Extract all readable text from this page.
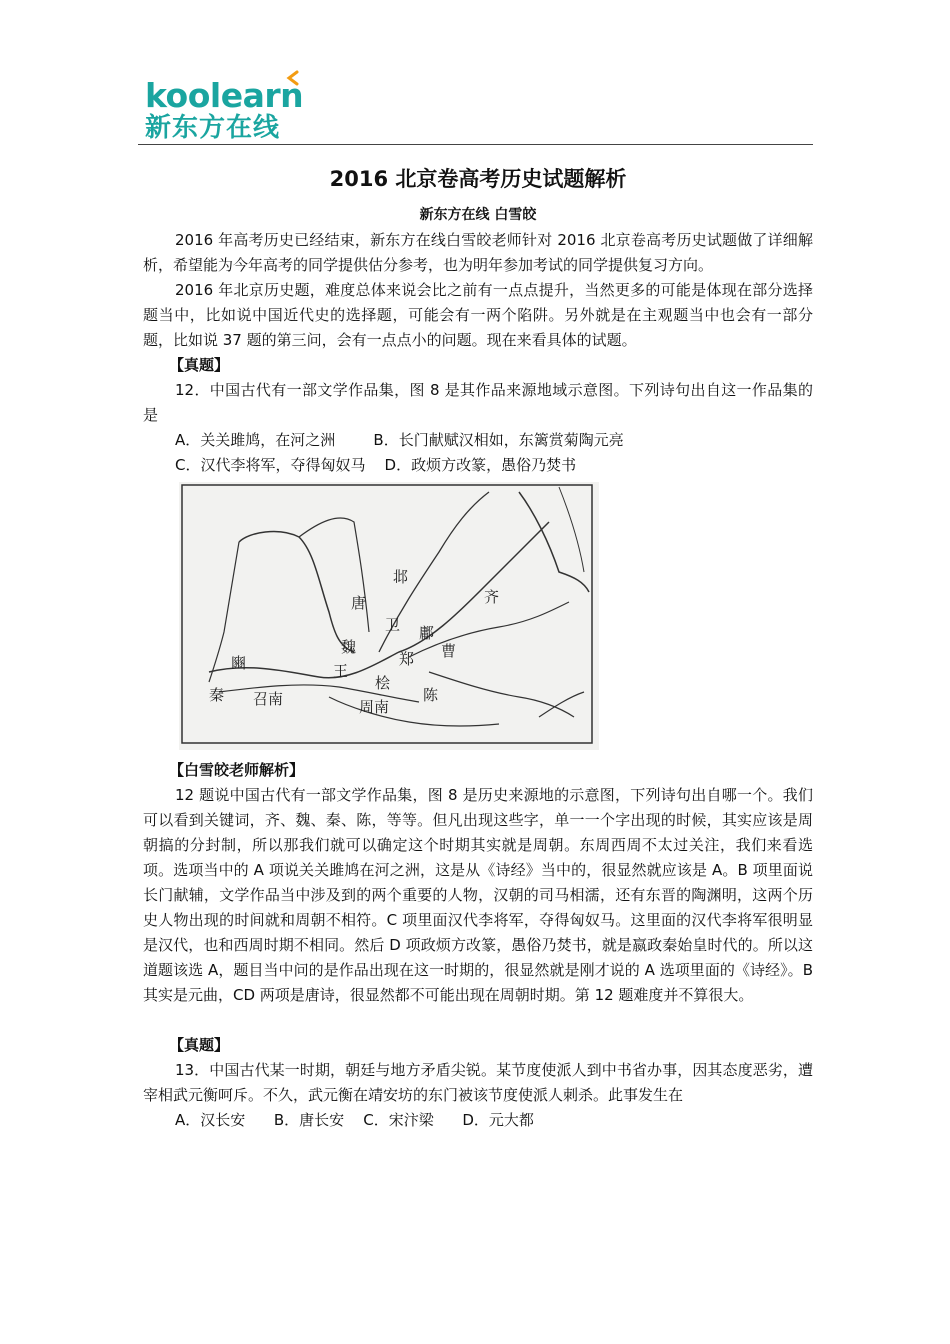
koolearn
新东方在线
2016 北京卷高考历史试题解析
新东方在线 白雪皎

2016 年高考历史已经结束，新东方在线白雪皎老师针对 2016 北京卷高考历史试题做了详细解析，希望能为今年高考的同学提供估分参考，也为明年参加考试的同学提供复习方向。

2016 年北京历史题，难度总体来说会比之前有一点点提升，当然更多的可能是体现在部分选择题当中，比如说中国近代史的选择题，可能会有一两个陷阱。另外就是在主观题当中也会有一部分题，比如说 37 题的第三问，会有一点点小的问题。现在来看具体的试题。

【真题】

12．中国古代有一部文学作品集，图 8 是其作品来源地域示意图。下列诗句出自这一作品集的是

A．关关雎鸠，在河之洲        B．长门献赋汉相如，东篱赏菊陶元亮
C．汉代李将军，夺得匈奴马    D．政烦方改篆，愚俗乃焚书
邶
唐
卫
齐
鄘
魏	曹
郑
豳	王
桧
陈
秦 召南	周南
【白雪皎老师解析】

12 题说中国古代有一部文学作品集，图 8 是历史来源地的示意图，下列诗句出自哪一个。我们可以看到关键词，齐、魏、秦、陈，等等。但凡出现这些字，单一一个字出现的时候，其实应该是周朝搞的分封制，所以那我们就可以确定这个时期其实就是周朝。东周西周不太过关注，我们来看选项。选项当中的 A 项说关关雎鸠在河之洲，这是从《诗经》当中的，很显然就应该是 A。B 项里面说长门献辅，文学作品当中涉及到的两个重要的人物，汉朝的司马相濡，还有东晋的陶渊明，这两个历史人物出现的时间就和周朝不相符。C 项里面汉代李将军，夺得匈奴马。这里面的汉代李将军很明显是汉代，也和西周时期不相同。然后 D 项政烦方改篆，愚俗乃焚书，就是嬴政秦始皇时代的。所以这道题该选 A，题目当中问的是作品出现在这一时期的，很显然就是刚才说的 A 选项里面的《诗经》。B 其实是元曲，CD 两项是唐诗，很显然都不可能出现在周朝时期。第 12 题难度并不算很大。

【真题】

13．中国古代某一时期，朝廷与地方矛盾尖锐。某节度使派人到中书省办事，因其态度恶劣，遭宰相武元衡呵斥。不久，武元衡在靖安坊的东门被该节度使派人刺杀。此事发生在

A．汉长安      B．唐长安    C．宋汴梁      D．元大都
